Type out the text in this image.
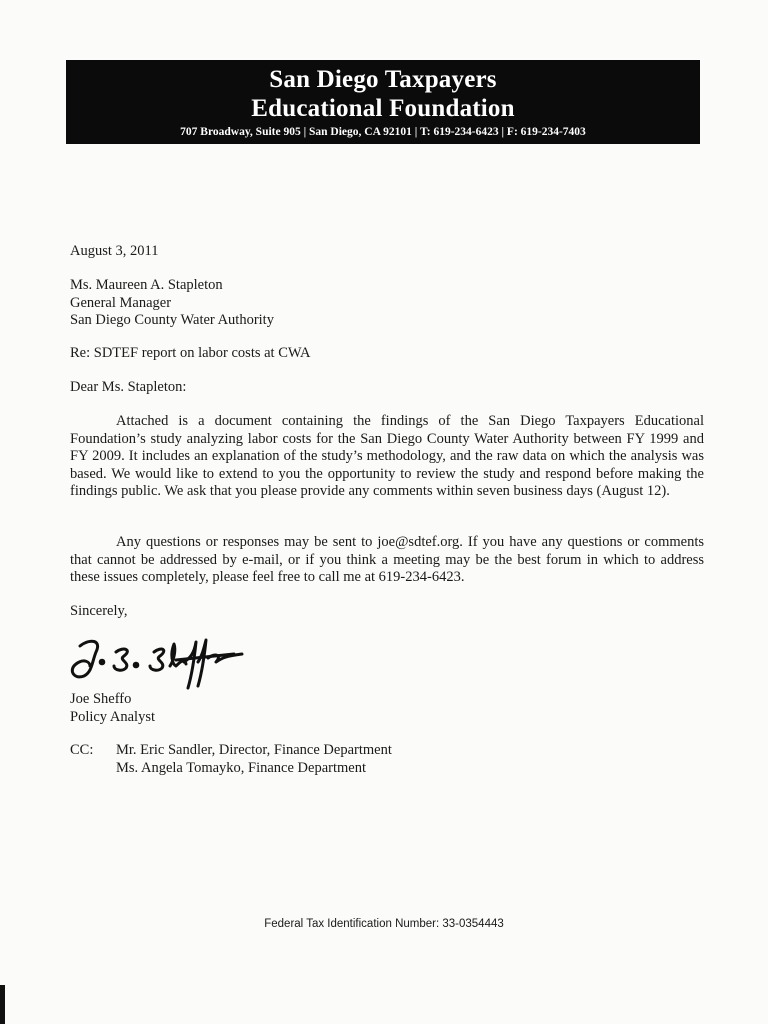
San Diego Taxpayers
Educational Foundation
707 Broadway, Suite 905 | San Diego, CA 92101 | T: 619-234-6423 | F: 619-234-7403
August 3, 2011
Ms. Maureen A. Stapleton
General Manager
San Diego County Water Authority
Re: SDTEF report on labor costs at CWA
Dear Ms. Stapleton:

Attached is a document containing the findings of the San Diego Taxpayers Educational Foundation’s study analyzing labor costs for the San Diego County Water Authority between FY 1999 and FY 2009. It includes an explanation of the study’s methodology, and the raw data on which the analysis was based. We would like to extend to you the opportunity to review the study and respond before making the findings public. We ask that you please provide any comments within seven business days (August 12).

Any questions or responses may be sent to joe@sdtef.org. If you have any questions or comments that cannot be addressed by e-mail, or if you think a meeting may be the best forum in which to address these issues completely, please feel free to call me at 619-234-6423.

Sincerely,
Joe Sheffo
Policy Analyst
CC: Mr. Eric Sandler, Director, Finance Department
Ms. Angela Tomayko, Finance Department
Federal Tax Identification Number: 33-0354443
